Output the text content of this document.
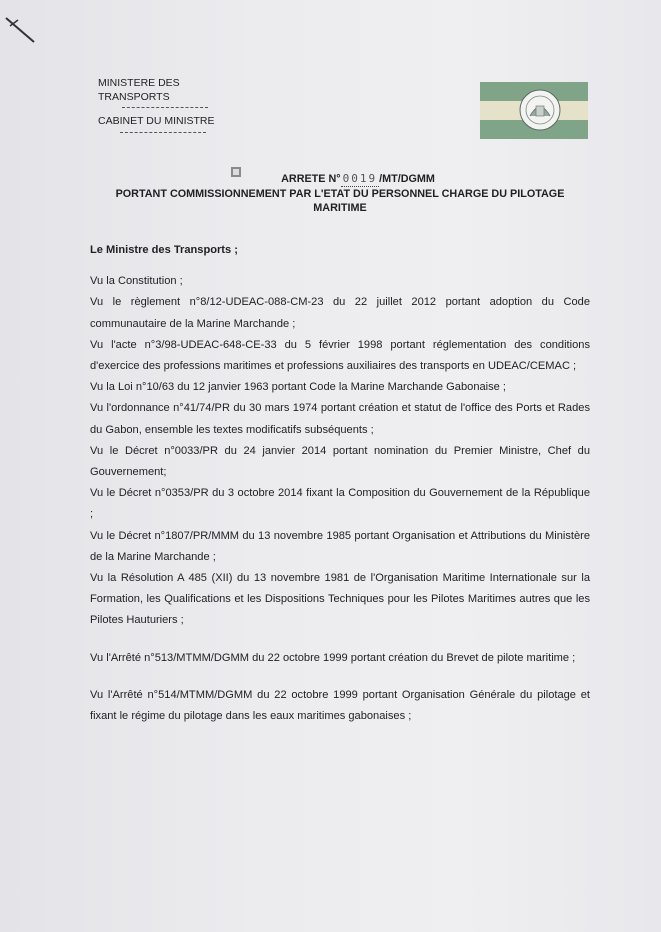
MINISTERE DES TRANSPORTS
CABINET DU MINISTRE
ARRETE N° 0019 /MT/DGMM
PORTANT COMMISSIONNEMENT PAR L'ETAT DU PERSONNEL CHARGE DU PILOTAGE
MARITIME

Le Ministre des Transports ;

Vu la Constitution ;

Vu le règlement n°8/12-UDEAC-088-CM-23 du 22 juillet 2012 portant adoption du Code communautaire de la Marine Marchande ;

Vu l'acte n°3/98-UDEAC-648-CE-33 du 5 février 1998 portant réglementation des conditions d'exercice des professions maritimes et professions auxiliaires des transports en UDEAC/CEMAC ;

Vu la Loi n°10/63 du 12 janvier 1963 portant Code la Marine Marchande Gabonaise ;

Vu l'ordonnance n°41/74/PR du 30 mars 1974 portant création et statut de l'office des Ports et Rades du Gabon, ensemble les textes modificatifs subséquents ;

Vu le Décret n°0033/PR du 24 janvier 2014 portant nomination du Premier Ministre, Chef du Gouvernement;

Vu le Décret n°0353/PR du 3 octobre 2014 fixant la Composition du Gouvernement de la République ;

Vu le Décret n°1807/PR/MMM du 13 novembre 1985 portant Organisation et Attributions du Ministère de la Marine Marchande ;

Vu la Résolution A 485 (XII) du 13 novembre 1981 de l'Organisation Maritime Internationale sur la Formation, les Qualifications et les Dispositions Techniques pour les Pilotes Maritimes autres que les Pilotes Hauturiers ;

Vu l'Arrêté n°513/MTMM/DGMM du 22 octobre 1999 portant création du Brevet de pilote maritime ;

Vu l'Arrêté n°514/MTMM/DGMM du 22 octobre 1999 portant Organisation Générale du pilotage et fixant le régime du pilotage dans les eaux maritimes gabonaises ;
